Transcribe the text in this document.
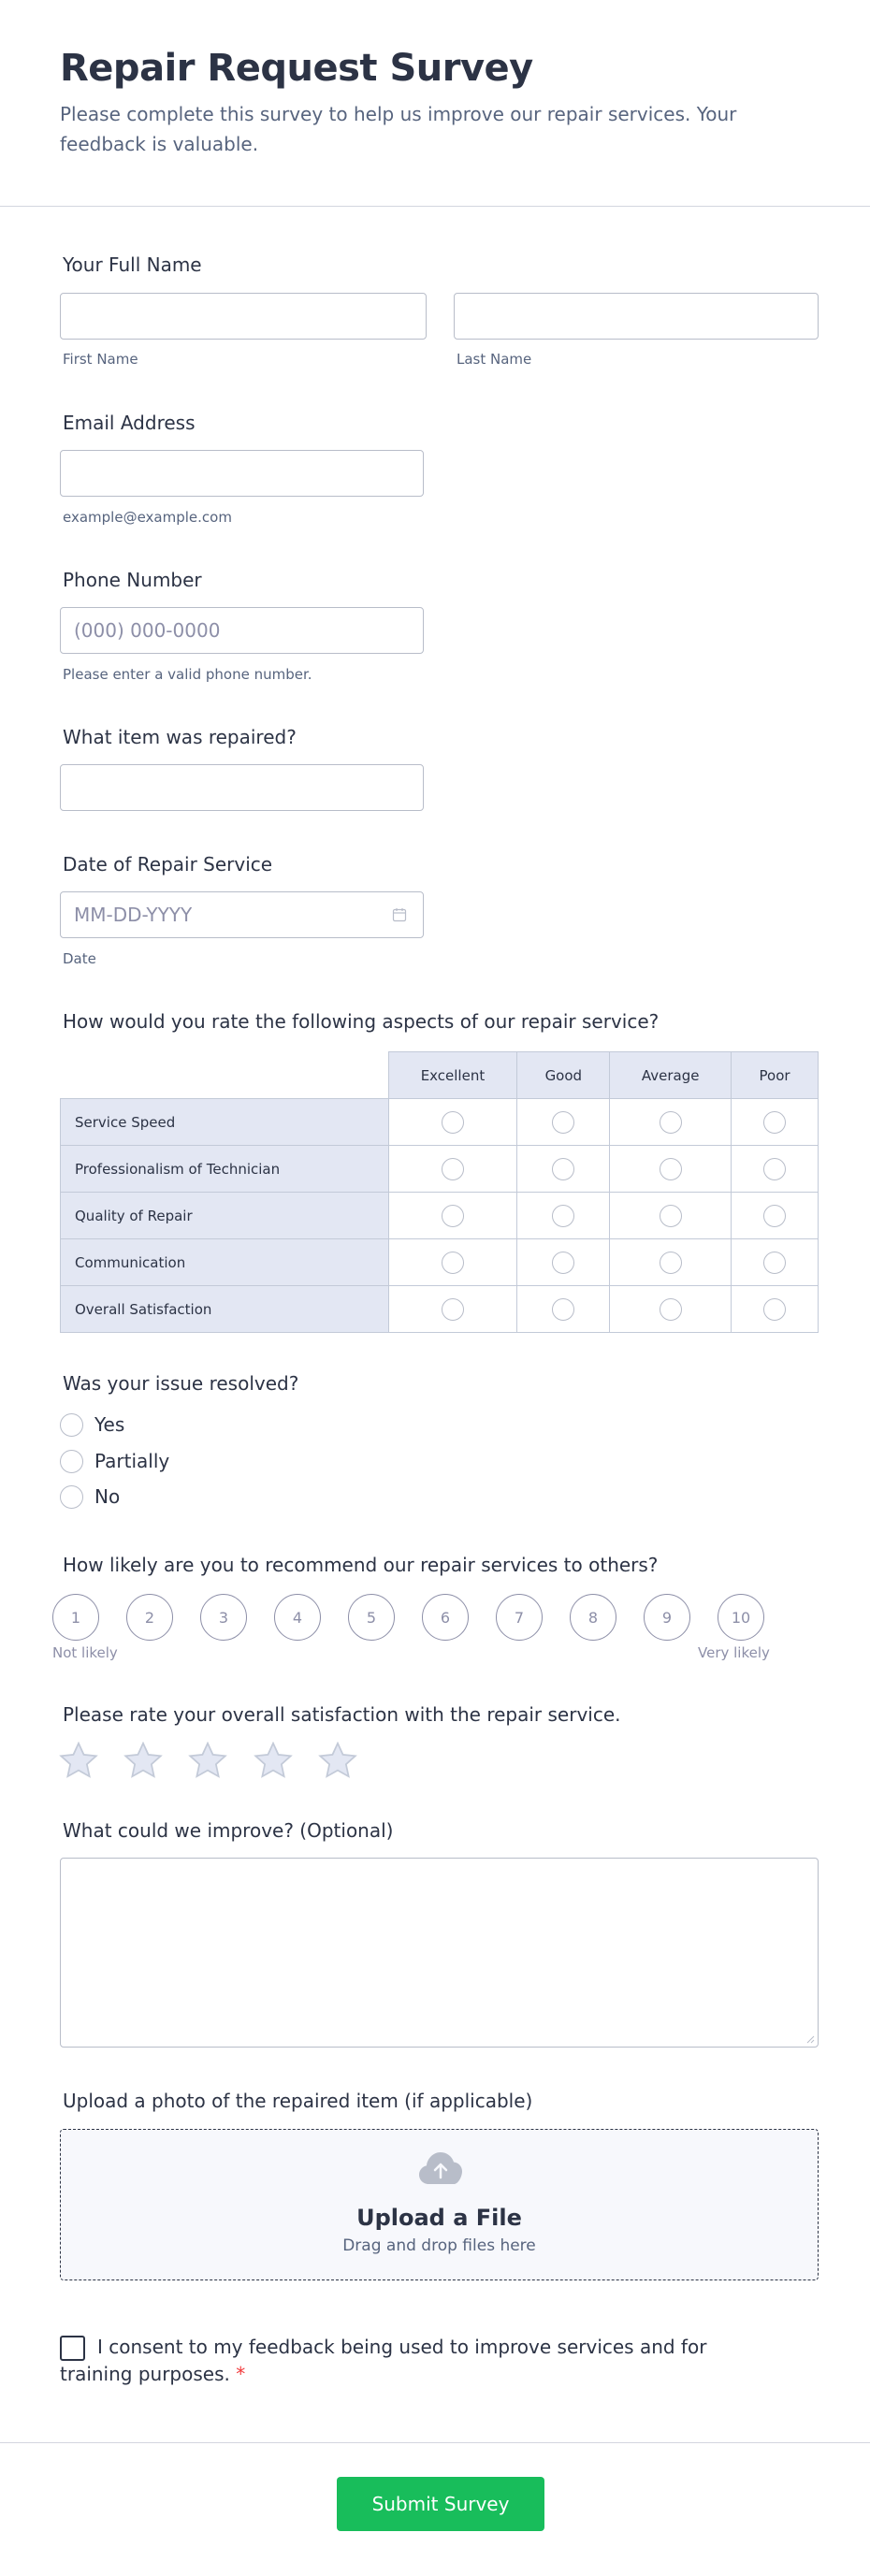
Repair Request Survey

Please complete this survey to help us improve our repair services. Your feedback is valuable.

Your Full Name
First Name	Last Name
Email Address
example@example.com
Phone Number
(000) 000-0000
Please enter a valid phone number.
What item was repaired?
Date of Repair Service
MM-DD-YYYY
Date
How would you rate the following aspects of our repair service?
	Excellent	Good	Average	Poor
Service Speed				
Professionalism of Technician				
Quality of Repair				
Communication				
Overall Satisfaction				
Was your issue resolved?
Yes
Partially
No
How likely are you to recommend our repair services to others?
1	2	3	4	5	6	7	8	9	10
Not likely	Very likely
Please rate your overall satisfaction with the repair service.
What could we improve? (Optional)
Upload a photo of the repaired item (if applicable)
Upload a File
Drag and drop files here
I consent to my feedback being used to improve services and for training purposes. *
Submit Survey
